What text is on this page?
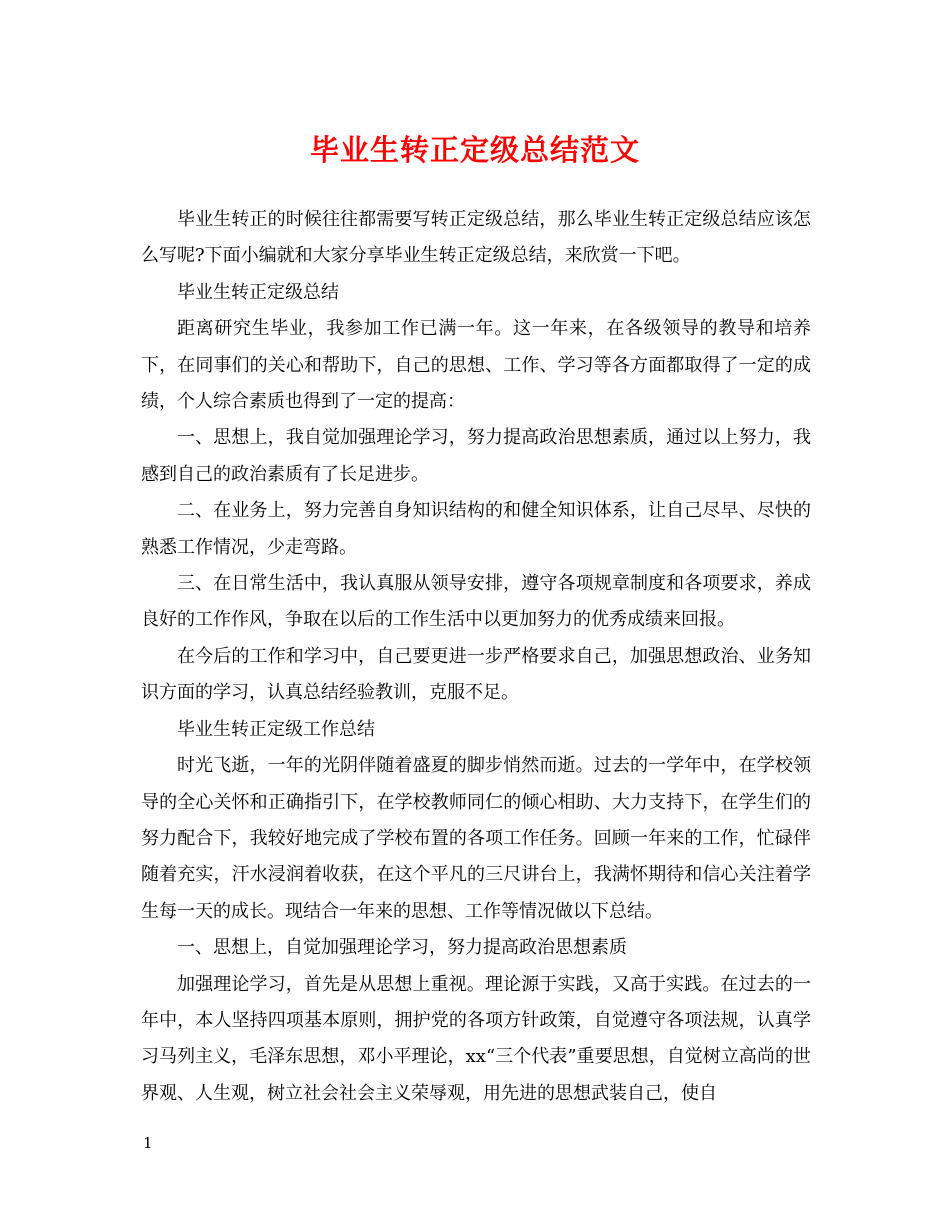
毕业生转正定级总结范文

毕业生转正的时候往往都需要写转正定级总结，那么毕业生转正定级总结应该怎么写呢?下面小编就和大家分享毕业生转正定级总结，来欣赏一下吧。

毕业生转正定级总结

距离研究生毕业，我参加工作已满一年。这一年来，在各级领导的教导和培养下，在同事们的关心和帮助下，自己的思想、工作、学习等各方面都取得了一定的成绩，个人综合素质也得到了一定的提高：

一、思想上，我自觉加强理论学习，努力提高政治思想素质，通过以上努力，我感到自己的政治素质有了长足进步。

二、在业务上，努力完善自身知识结构的和健全知识体系，让自己尽早、尽快的熟悉工作情况，少走弯路。

三、在日常生活中，我认真服从领导安排，遵守各项规章制度和各项要求，养成良好的工作作风，争取在以后的工作生活中以更加努力的优秀成绩来回报。

在今后的工作和学习中，自己要更进一步严格要求自己，加强思想政治、业务知识方面的学习，认真总结经验教训，克服不足。

毕业生转正定级工作总结

时光飞逝，一年的光阴伴随着盛夏的脚步悄然而逝。过去的一学年中，在学校领导的全心关怀和正确指引下，在学校教师同仁的倾心相助、大力支持下，在学生们的努力配合下，我较好地完成了学校布置的各项工作任务。回顾一年来的工作，忙碌伴随着充实，汗水浸润着收获，在这个平凡的三尺讲台上，我满怀期待和信心关注着学生每一天的成长。现结合一年来的思想、工作等情况做以下总结。

一、思想上，自觉加强理论学习，努力提高政治思想素质

加强理论学习，首先是从思想上重视。理论源于实践，又高于实践。在过去的一年中，本人坚持四项基本原则，拥护党的各项方针政策，自觉遵守各项法规，认真学习马列主义，毛泽东思想，邓小平理论，xx“三个代表”重要思想，自觉树立高尚的世界观、人生观，树立社会社会主义荣辱观，用先进的思想武装自己，使自

1
